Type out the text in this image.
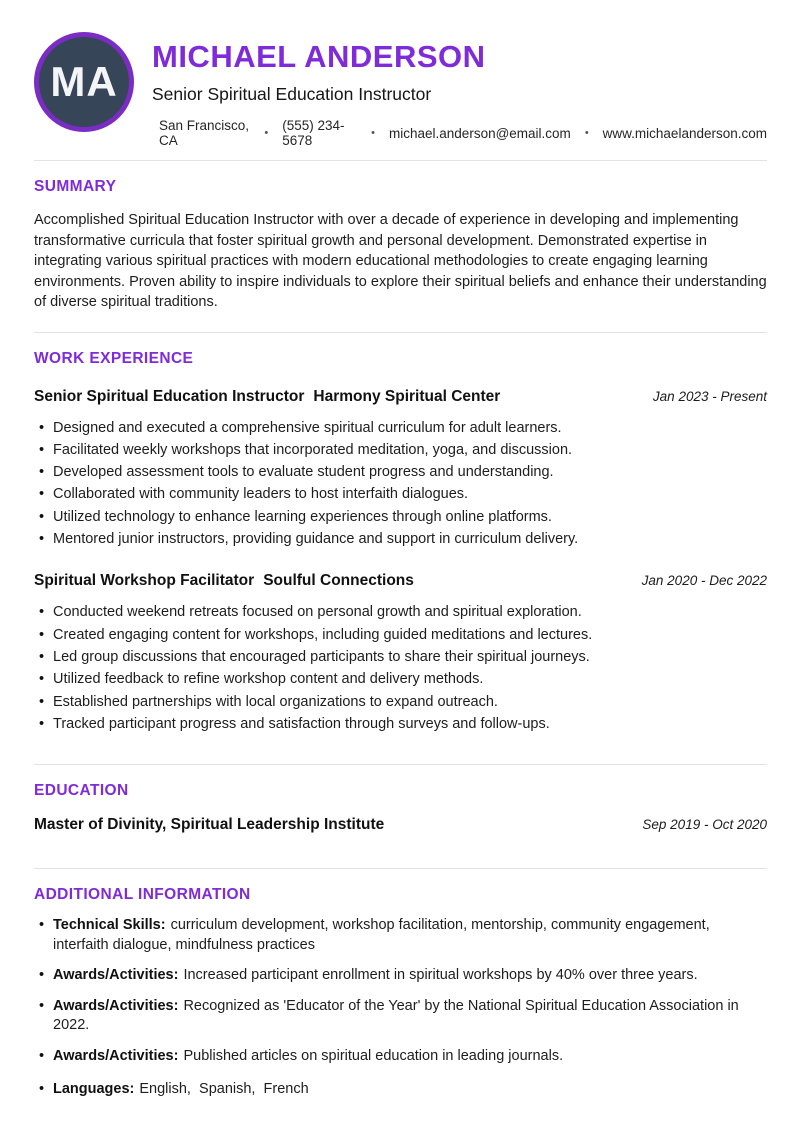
MA
MICHAEL ANDERSON
Senior Spiritual Education Instructor
San Francisco, CA	• (555) 234-5678	• michael.anderson@email.com • www.michaelanderson.com
SUMMARY

Accomplished Spiritual Education Instructor with over a decade of experience in developing and implementing transformative curricula that foster spiritual growth and personal development. Demonstrated expertise in integrating various spiritual practices with modern educational methodologies to create engaging learning environments. Proven ability to inspire individuals to explore their spiritual beliefs and enhance their understanding of diverse spiritual traditions.

WORK EXPERIENCE
Senior Spiritual Education Instructor Harmony Spiritual Center	Jan 2023 - Present
• Designed and executed a comprehensive spiritual curriculum for adult learners.
• Facilitated weekly workshops that incorporated meditation, yoga, and discussion.
• Developed assessment tools to evaluate student progress and understanding.
• Collaborated with community leaders to host interfaith dialogues.
• Utilized technology to enhance learning experiences through online platforms.
• Mentored junior instructors, providing guidance and support in curriculum delivery.
Spiritual Workshop Facilitator Soulful Connections	Jan 2020 - Dec 2022
• Conducted weekend retreats focused on personal growth and spiritual exploration.
• Created engaging content for workshops, including guided meditations and lectures.
• Led group discussions that encouraged participants to share their spiritual journeys.
• Utilized feedback to refine workshop content and delivery methods.
• Established partnerships with local organizations to expand outreach.
• Tracked participant progress and satisfaction through surveys and follow-ups.
EDUCATION
Master of Divinity, Spiritual Leadership Institute	Sep 2019 - Oct 2020
ADDITIONAL INFORMATION
• Technical Skills: curriculum development, workshop facilitation, mentorship, community engagement, interfaith dialogue, mindfulness practices
• Awards/Activities: Increased participant enrollment in spiritual workshops by 40% over three years.
• Awards/Activities: Recognized as 'Educator of the Year' by the National Spiritual Education Association in 2022.
• Awards/Activities: Published articles on spiritual education in leading journals.
• Languages: English,  Spanish,  French
